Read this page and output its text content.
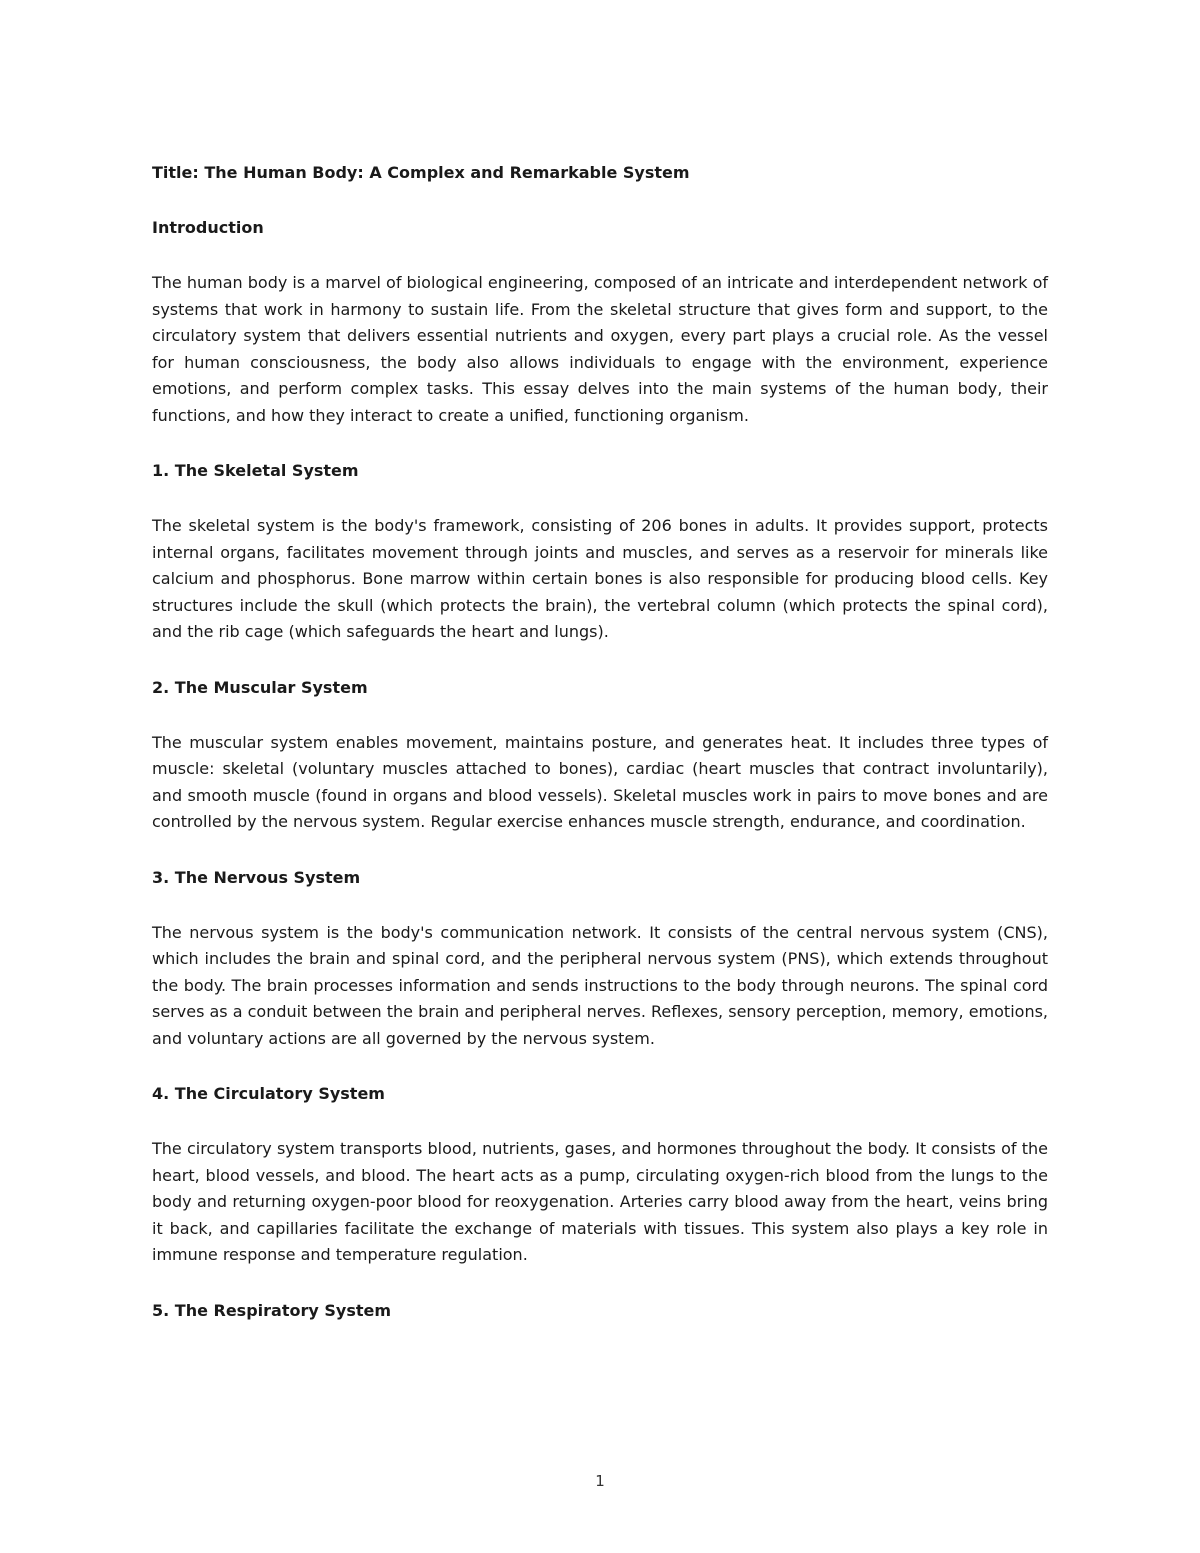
Title: The Human Body: A Complex and Remarkable System
Introduction
The human body is a marvel of biological engineering, composed of an intricate and interdependent network of systems that work in harmony to sustain life. From the skeletal structure that gives form and support, to the circulatory system that delivers essential nutrients and oxygen, every part plays a crucial role. As the vessel for human consciousness, the body also allows individuals to engage with the environment, experience emotions, and perform complex tasks. This essay delves into the main systems of the human body, their functions, and how they interact to create a unified, functioning organism.
1. The Skeletal System
The skeletal system is the body's framework, consisting of 206 bones in adults. It provides support, protects internal organs, facilitates movement through joints and muscles, and serves as a reservoir for minerals like calcium and phosphorus. Bone marrow within certain bones is also responsible for producing blood cells. Key structures include the skull (which protects the brain), the vertebral column (which protects the spinal cord), and the rib cage (which safeguards the heart and lungs).
2. The Muscular System
The muscular system enables movement, maintains posture, and generates heat. It includes three types of muscle: skeletal (voluntary muscles attached to bones), cardiac (heart muscles that contract involuntarily), and smooth muscle (found in organs and blood vessels). Skeletal muscles work in pairs to move bones and are controlled by the nervous system. Regular exercise enhances muscle strength, endurance, and coordination.
3. The Nervous System
The nervous system is the body's communication network. It consists of the central nervous system (CNS), which includes the brain and spinal cord, and the peripheral nervous system (PNS), which extends throughout the body. The brain processes information and sends instructions to the body through neurons. The spinal cord serves as a conduit between the brain and peripheral nerves. Reflexes, sensory perception, memory, emotions, and voluntary actions are all governed by the nervous system.
4. The Circulatory System
The circulatory system transports blood, nutrients, gases, and hormones throughout the body. It consists of the heart, blood vessels, and blood. The heart acts as a pump, circulating oxygen-rich blood from the lungs to the body and returning oxygen-poor blood for reoxygenation. Arteries carry blood away from the heart, veins bring it back, and capillaries facilitate the exchange of materials with tissues. This system also plays a key role in immune response and temperature regulation.
5. The Respiratory System
1
